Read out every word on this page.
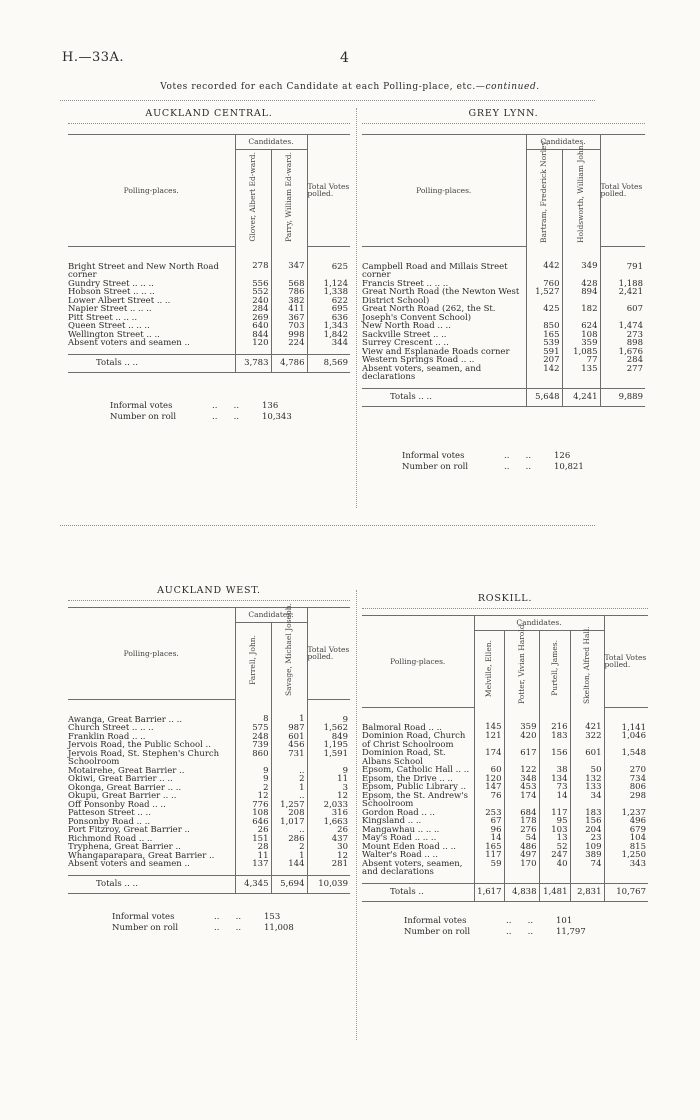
H.—33A.	4
Votes recorded for each Candidate at each Polling-place, etc.—continued.
AUCKLAND CENTRAL.
Polling-places.	Candidates.		Total Votes polled.
	Glover, Albert Ed-ward.	Parry, William Ed-ward.	
Bright Street and New North Road corner	278	347	625
Gundry Street .. .. ..	556	568	1,124
Hobson Street .. .. ..	552	786	1,338
Lower Albert Street .. ..	240	382	622
Napier Street .. .. ..	284	411	695
Pitt Street .. .. ..	269	367	636
Queen Street .. .. ..	640	703	1,343
Wellington Street .. ..	844	998	1,842
Absent voters and seamen ..	120	224	344
Totals .. ..	3,783	4,786	8,569

Informal votes	..      ..	136
Number on roll	..      ..	10,343
GREY LYNN.
Polling-places.	Candidates.		Total Votes polled.
	Bartram, Frederick Norley.	Holdsworth, William John.	
Campbell Road and Millais Street corner	442	349	791
Francis Street .. .. ..	760	428	1,188
Great North Road (the Newton West District School)	1,527	894	2,421
Great North Road (262, the St. Joseph's Convent School)	425	182	607
New North Road .. ..	850	624	1,474
Sackville Street .. ..	165	108	273
Surrey Crescent .. ..	539	359	898
View and Esplanade Roads corner	591	1,085	1,676
Western Springs Road .. ..	207	77	284
Absent voters, seamen, and declarations	142	135	277
Totals .. ..	5,648	4,241	9,889

Informal votes	..      ..	126
Number on roll	..      ..	10,821
AUCKLAND WEST.
Polling-places.	Candidates.		Total Votes polled.
	Farrell, John.	Savage, Michael Joseph.	
Awanga, Great Barrier .. ..	8	1	9
Church Street .. .. ..	575	987	1,562
Franklin Road .. ..	248	601	849
Jervois Road, the Public School ..	739	456	1,195
Jervois Road, St. Stephen's Church Schoolroom	860	731	1,591
Motairehe, Great Barrier ..	9	..	9
Okiwi, Great Barrier .. ..	9	2	11
Okonga, Great Barrier .. ..	2	1	3
Okupu, Great Barrier .. ..	12	..	12
Off Ponsonby Road .. ..	776	1,257	2,033
Patteson Street .. ..	108	208	316
Ponsonby Road .. ..	646	1,017	1,663
Port Fitzroy, Great Barrier ..	26	..	26
Richmond Road .. ..	151	286	437
Tryphena, Great Barrier ..	28	2	30
Whangaparapara, Great Barrier ..	11	1	12
Absent voters and seamen ..	137	144	281
Totals .. ..	4,345	5,694	10,039

Informal votes	..      ..	153
Number on roll	..      ..	11,008
ROSKILL.
Polling-places.	Candidates.				Total Votes polled.
	Melville, Ellen.	Potter, Vivian Harold.	Purtell, James.	Skelton, Alfred Hall.	
Balmoral Road .. ..	145	359	216	421	1,141
Dominion Road, Church of Christ Schoolroom	121	420	183	322	1,046
Dominion Road, St. Albans School	174	617	156	601	1,548
Epsom, Catholic Hall .. ..	60	122	38	50	270
Epsom, the Drive .. ..	120	348	134	132	734
Epsom, Public Library ..	147	453	73	133	806
Epsom, the St. Andrew's Schoolroom	76	174	14	34	298
Gordon Road .. ..	253	684	117	183	1,237
Kingsland .. ..	67	178	95	156	496
Mangawhau .. .. ..	96	276	103	204	679
May's Road .. .. ..	14	54	13	23	104
Mount Eden Road .. ..	165	486	52	109	815
Walter's Road .. ..	117	497	247	389	1,250
Absent voters, seamen, and declarations	59	170	40	74	343
Totals ..	1,617	4,838	1,481	2,831	10,767

Informal votes	..      ..	101
Number on roll	..      ..	11,797
